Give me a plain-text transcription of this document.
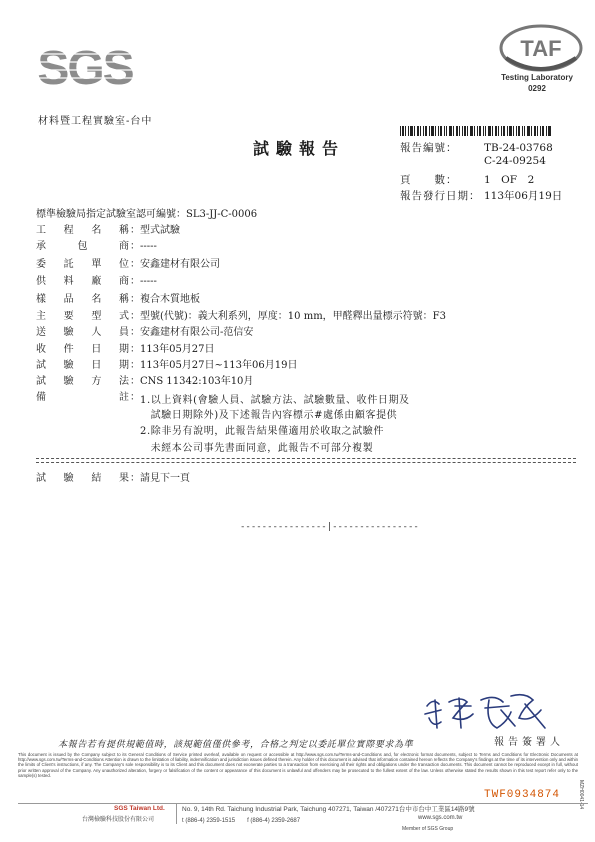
SGS	TAF
Testing Laboratory
0292
材料暨工程實驗室-台中
試驗報告	報告編號：	TB-24-03768
C-24-09254
頁　　數：	1　OF　2
報告發行日期： 113年06月19日
標準檢驗局指定試驗室認可編號：SL3-JJ-C-0006
工程名稱：型式試驗
承包商：-----
委託單位：安鑫建材有限公司
供料廠商：-----
樣品名稱：複合木質地板
主要型式：型號(代號)：義大利系列，厚度：10 mm，甲醛釋出量標示符號：F3
送驗人員：安鑫建材有限公司-范信安
收件日期：113年05月27日
試驗日期：113年05月27日~113年06月19日
試驗方法：CNS 11342:103年10月
備註： 1.以上資料(會驗人員、試驗方法、試驗數量、收件日期及
　試驗日期除外)及下述報告內容標示#處係由顧客提供
2.除非另有說明，此報告結果僅適用於收取之試驗件
　未經本公司事先書面同意，此報告不可部分複製
試驗結果：請見下一頁
----------------|----------------
本報告若有提供規範值時，該規範值僅供參考，合格之判定以委託單位實際要求為準	報告簽署人
This document is issued by the Company subject to its General Conditions of Service printed overleaf, available on request or accessible at http://www.sgs.com.tw/Terms-and-Conditions and, for electronic format documents, subject to Terms and Conditions for Electronic Documents at http://www.sgs.com.tw/Terms-and-Conditions Attention is drawn to the limitation of liability, indemnification and jurisdiction issues defined therein. Any holder of this document is advised that information contained hereon reflects the Company's findings at the time of its intervention only and within the limits of Client's instructions, if any. The Company's sole responsibility is to its Client and this document does not exonerate parties to a transaction from exercising all their rights and obligations under the transaction documents. This document cannot be reproduced except in full, without prior written approval of the Company. Any unauthorized alteration, forgery or falsification of the content or appearance of this document is unlawful and offenders may be prosecuted to the fullest extent of the law. Unless otherwise stated the results shown in this test report refer only to the sample(s) tested.
TWF0934874
SGS Taiwan Ltd.
台灣檢驗科技股份有限公司
No. 9, 14th Rd. Taichung Industrial Park, Taichung 407271, Taiwan /407271台中市台中工業區14路9號
t (886-4) 2359-1515　　 f (886-4) 2359-2687	www.sgs.com.tw
Member of SGS Group
MZH0041-14
